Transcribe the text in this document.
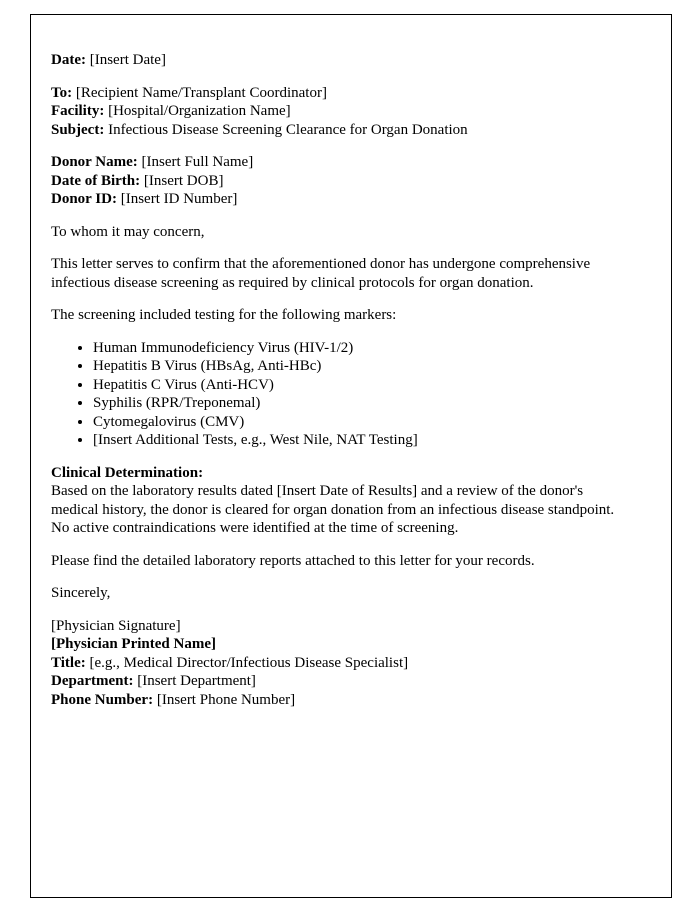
Date: [Insert Date]
To: [Recipient Name/Transplant Coordinator]
Facility: [Hospital/Organization Name]
Subject: Infectious Disease Screening Clearance for Organ Donation
Donor Name: [Insert Full Name]
Date of Birth: [Insert DOB]
Donor ID: [Insert ID Number]

To whom it may concern,

This letter serves to confirm that the aforementioned donor has undergone comprehensive infectious disease screening as required by clinical protocols for organ donation.

The screening included testing for the following markers:

• Human Immunodeficiency Virus (HIV-1/2)
• Hepatitis B Virus (HBsAg, Anti-HBc)
• Hepatitis C Virus (Anti-HCV)
• Syphilis (RPR/Treponemal)
• Cytomegalovirus (CMV)
• [Insert Additional Tests, e.g., West Nile, NAT Testing]
Clinical Determination:

Based on the laboratory results dated [Insert Date of Results] and a review of the donor's medical history, the donor is cleared for organ donation from an infectious disease standpoint. No active contraindications were identified at the time of screening.

Please find the detailed laboratory reports attached to this letter for your records.

Sincerely,

[Physician Signature]

[Physician Printed Name]
Title: [e.g., Medical Director/Infectious Disease Specialist]
Department: [Insert Department]
Phone Number: [Insert Phone Number]
